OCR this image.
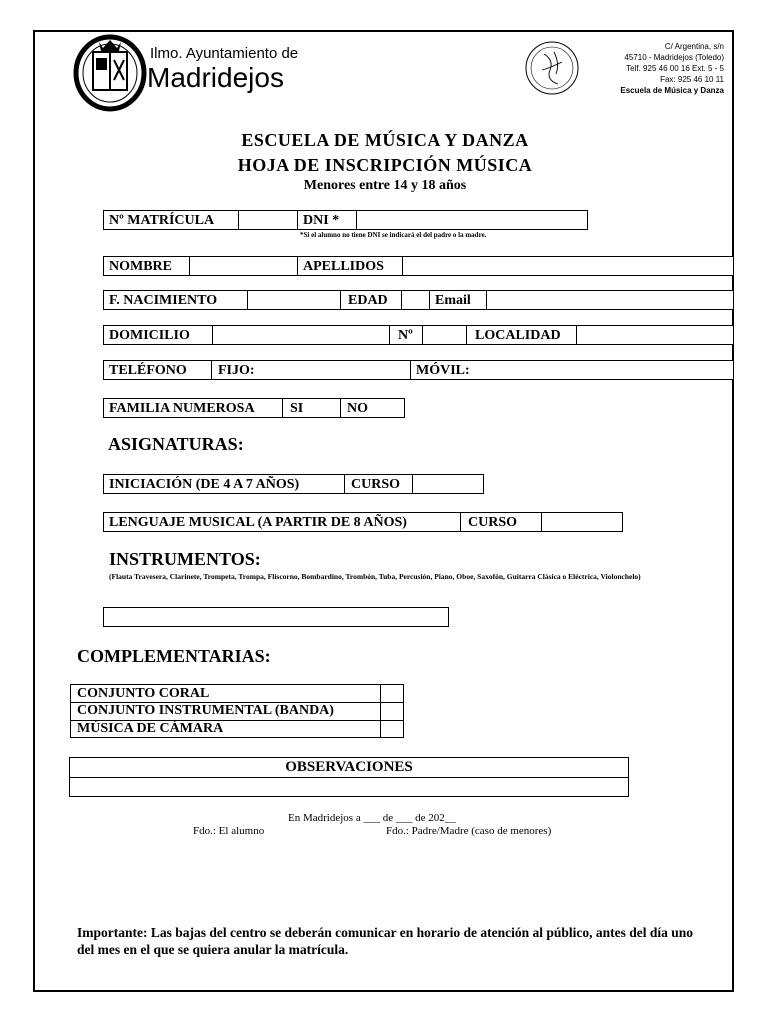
Ilmo. Ayuntamiento de
Madridejos
C/ Argentina, s/n
45710 - Madridejos (Toledo)
Telf. 925 46 00 16 Ext. 5 - 5
Fax: 925 46 10 11
Escuela de Música y Danza
ESCUELA DE MÚSICA Y DANZA
HOJA DE INSCRIPCIÓN MÚSICA
Menores entre 14 y 18 años
Nº MATRÍCULA	DNI *
*Si el alumno no tiene DNI se indicará el del padre o la madre.
NOMBRE	APELLIDOS
F. NACIMIENTO	EDAD	Email
DOMICILIO	Nº	LOCALIDAD
TELÉFONO FIJO:	MÓVIL:
FAMILIA NUMEROSA	SI	NO
ASIGNATURAS:
INICIACIÓN (DE 4 A 7 AÑOS)	CURSO
LENGUAJE MUSICAL (A PARTIR DE 8 AÑOS)	CURSO
INSTRUMENTOS:
(Flauta Travesera, Clarinete, Trompeta, Trompa, Fliscorno, Bombardino, Trombón, Tuba, Percusión, Piano, Oboe, Saxofón, Guitarra Clásica o Eléctrica, Violonchelo)
COMPLEMENTARIAS:
CONJUNTO CORAL
CONJUNTO INSTRUMENTAL (BANDA)
MÚSICA DE CÁMARA
OBSERVACIONES
En Madridejos a ___ de ___ de 202__
Fdo.: El alumno	Fdo.: Padre/Madre (caso de menores)
Importante: Las bajas del centro se deberán comunicar en horario de atención al público, antes del día uno del mes en el que se quiera anular la matrícula.
